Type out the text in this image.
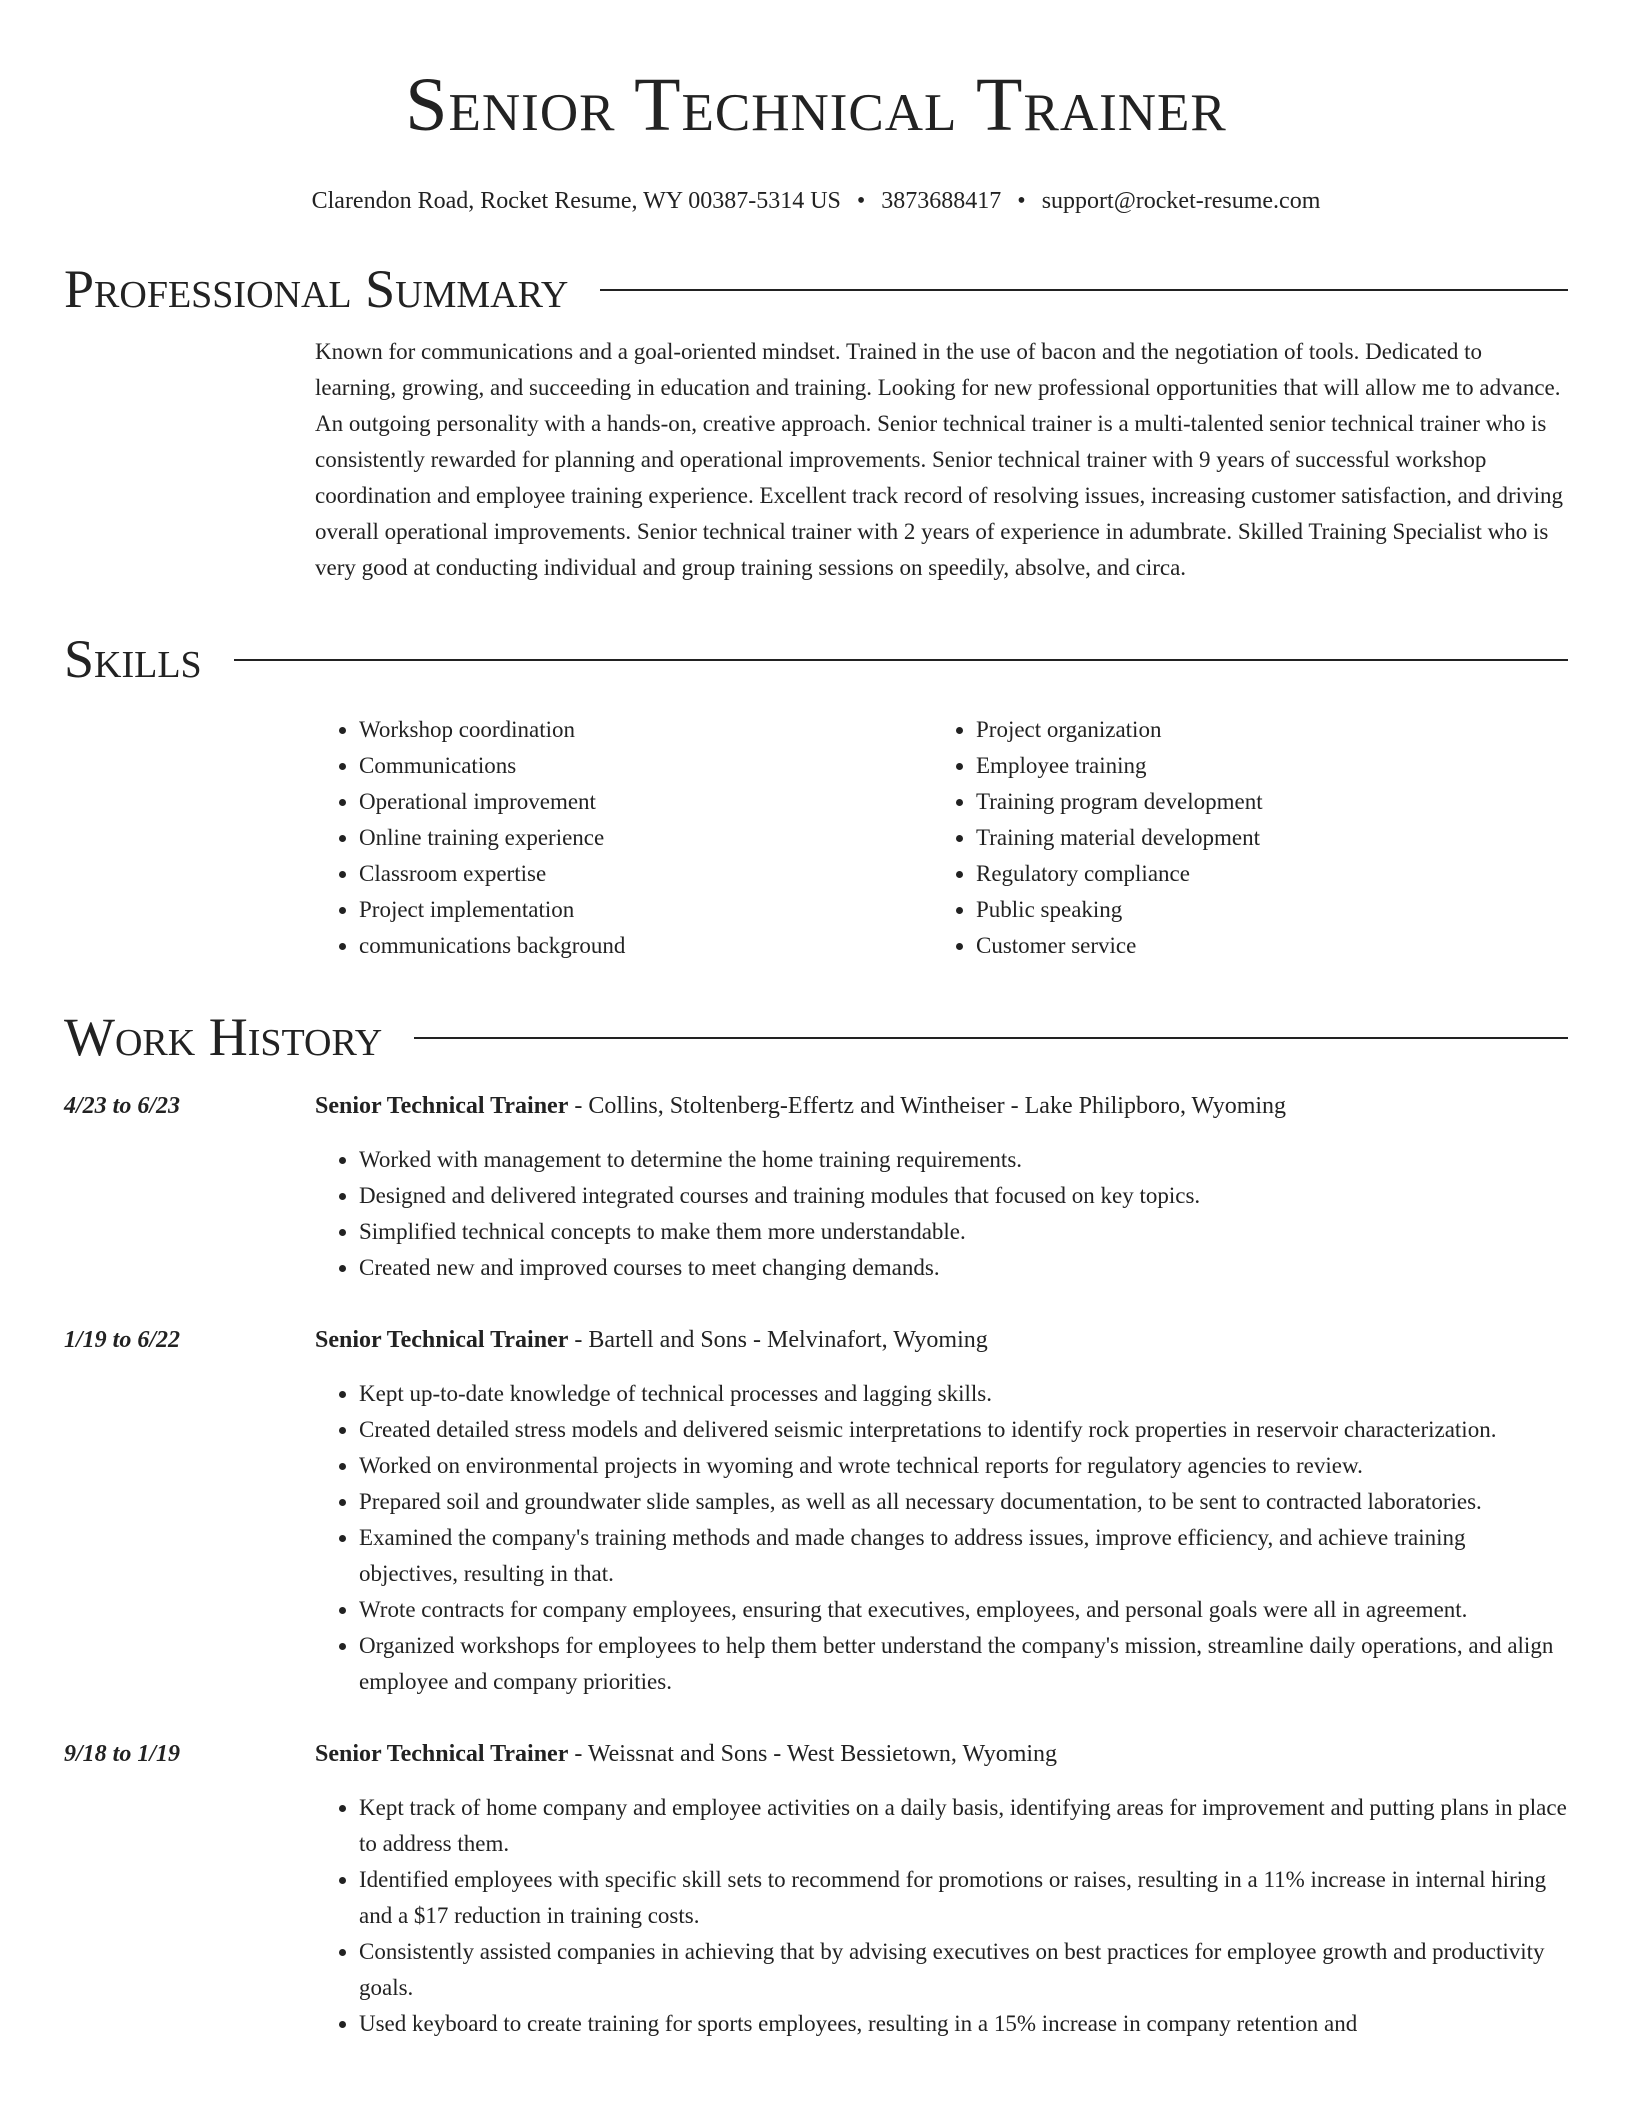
Senior Technical Trainer
Clarendon Road, Rocket Resume, WY 00387-5314 US • 3873688417 • support@rocket-resume.com
Professional Summary

Known for communications and a goal-oriented mindset. Trained in the use of bacon and the negotiation of tools. Dedicated to learning, growing, and succeeding in education and training. Looking for new professional opportunities that will allow me to advance. An outgoing personality with a hands-on, creative approach. Senior technical trainer is a multi-talented senior technical trainer who is consistently rewarded for planning and operational improvements. Senior technical trainer with 9 years of successful workshop coordination and employee training experience. Excellent track record of resolving issues, increasing customer satisfaction, and driving overall operational improvements. Senior technical trainer with 2 years of experience in adumbrate. Skilled Training Specialist who is very good at conducting individual and group training sessions on speedily, absolve, and circa.

Skills
• Workshop coordination
• Communications
• Operational improvement
• Online training experience
• Classroom expertise
• Project implementation
• communications background
• Project organization
• Employee training
• Training program development
• Training material development
• Regulatory compliance
• Public speaking
• Customer service
Work History
4/23 to 6/23	Senior Technical Trainer - Collins, Stoltenberg-Effertz and Wintheiser - Lake Philipboro, Wyoming
• Worked with management to determine the home training requirements.
• Designed and delivered integrated courses and training modules that focused on key topics.
• Simplified technical concepts to make them more understandable.
• Created new and improved courses to meet changing demands.
1/19 to 6/22	Senior Technical Trainer - Bartell and Sons - Melvinafort, Wyoming
• Kept up-to-date knowledge of technical processes and lagging skills.
• Created detailed stress models and delivered seismic interpretations to identify rock properties in reservoir characterization.
• Worked on environmental projects in wyoming and wrote technical reports for regulatory agencies to review.
• Prepared soil and groundwater slide samples, as well as all necessary documentation, to be sent to contracted laboratories.
• Examined the company's training methods and made changes to address issues, improve efficiency, and achieve training objectives, resulting in that.
• Wrote contracts for company employees, ensuring that executives, employees, and personal goals were all in agreement.
• Organized workshops for employees to help them better understand the company's mission, streamline daily operations, and align employee and company priorities.
9/18 to 1/19	Senior Technical Trainer - Weissnat and Sons - West Bessietown, Wyoming
• Kept track of home company and employee activities on a daily basis, identifying areas for improvement and putting plans in place to address them.
• Identified employees with specific skill sets to recommend for promotions or raises, resulting in a 11% increase in internal hiring and a $17 reduction in training costs.
• Consistently assisted companies in achieving that by advising executives on best practices for employee growth and productivity goals.
• Used keyboard to create training for sports employees, resulting in a 15% increase in company retention and
